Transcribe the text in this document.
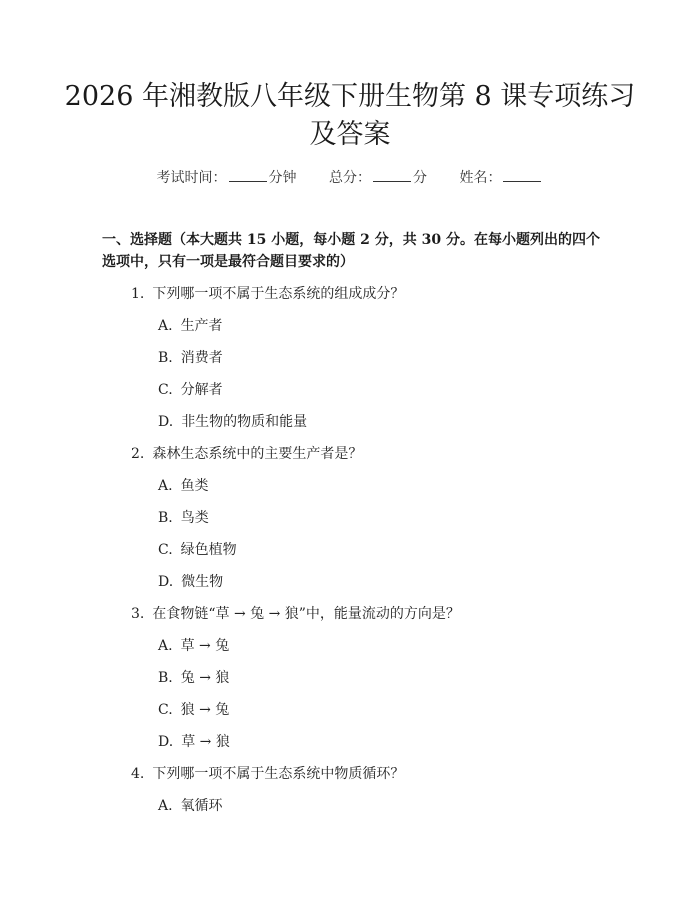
2026 年湘教版八年级下册生物第 8 课专项练习及答案
考试时间：	分钟 总分：	分 姓名：
一、选择题（本大题共 15 小题，每小题 2 分，共 30 分。在每小题列出的四个选项中，只有一项是最符合题目要求的）
1. 下列哪一项不属于生态系统的组成成分？
A. 生产者
B. 消费者
C. 分解者
D. 非生物的物质和能量
2. 森林生态系统中的主要生产者是？
A. 鱼类
B. 鸟类
C. 绿色植物
D. 微生物
3. 在食物链“草 → 兔 → 狼”中，能量流动的方向是？
A. 草 → 兔
B. 兔 → 狼
C. 狼 → 兔
D. 草 → 狼
4. 下列哪一项不属于生态系统中物质循环？
A. 氧循环
